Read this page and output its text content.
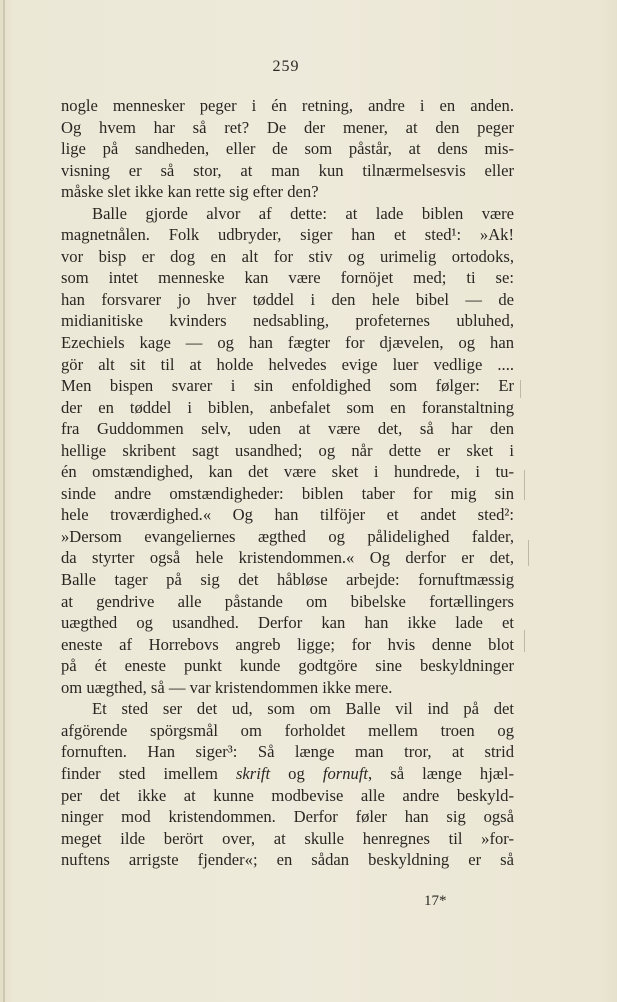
259
nogle mennesker peger i én retning, andre i en anden.
Og hvem har så ret? De der mener, at den peger
lige på sandheden, eller de som påstår, at dens mis-
visning er så stor, at man kun tilnærmelsesvis eller
måske slet ikke kan rette sig efter den?
Balle gjorde alvor af dette: at lade biblen være
magnetnålen. Folk udbryder, siger han et sted¹: »Ak!
vor bisp er dog en alt for stiv og urimelig ortodoks,
som intet menneske kan være fornöjet med; ti se:
han forsvarer jo hver tøddel i den hele bibel — de
midianitiske kvinders nedsabling, profeternes ubluhed,
Ezechiels kage — og han fægter for djævelen, og han
gör alt sit til at holde helvedes evige luer vedlige ....
Men bispen svarer i sin enfoldighed som følger: Er
der en tøddel i biblen, anbefalet som en foranstaltning
fra Guddommen selv, uden at være det, så har den
hellige skribent sagt usandhed; og når dette er sket i
én omstændighed, kan det være sket i hundrede, i tu-
sinde andre omstændigheder: biblen taber for mig sin
hele troværdighed.« Og han tilföjer et andet sted²:
»Dersom evangeliernes ægthed og pålidelighed falder,
da styrter også hele kristendommen.« Og derfor er det,
Balle tager på sig det håbløse arbejde: fornuftmæssig
at gendrive alle påstande om bibelske fortællingers
uægthed og usandhed. Derfor kan han ikke lade et
eneste af Horrebovs angreb ligge; for hvis denne blot
på ét eneste punkt kunde godtgöre sine beskyldninger
om uægthed, så — var kristendommen ikke mere.
Et sted ser det ud, som om Balle vil ind på det
afgörende spörgsmål om forholdet mellem troen og
fornuften. Han siger³: Så længe man tror, at strid
finder sted imellem skrift og fornuft, så længe hjæl-
per det ikke at kunne modbevise alle andre beskyld-
ninger mod kristendommen. Derfor føler han sig også
meget ilde berört over, at skulle henregnes til »for-
nuftens arrigste fjender«; en sådan beskyldning er så
17*
